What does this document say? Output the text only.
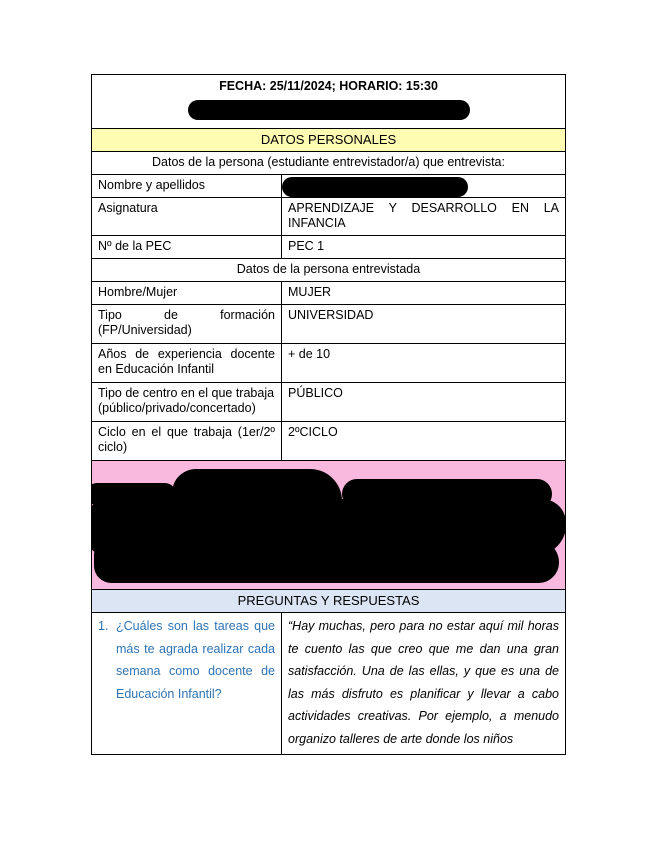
FECHA: 25/11/2024; HORARIO: 15:30	

DATOS PERSONALES	
Datos de la persona (estudiante entrevistador/a) que entrevista:	
Nombre y apellidos	

Asignatura	APRENDIZAJE Y DESARROLLO EN LA INFANCIA
Nº de la PEC	PEC 1
Datos de la persona entrevistada	
Hombre/Mujer	MUJER
Tipo de formación (FP/Universidad)	UNIVERSIDAD
Años de experiencia docente en Educación Infantil	+ de 10
Tipo de centro en el que trabaja (público/privado/concertado)	PÚBLICO
Ciclo en el que trabaja (1er/2º ciclo)	2ºCICLO

PREGUNTAS Y RESPUESTAS	

1. ¿Cuáles son las tareas que más te agrada realizar cada semana como docente de Educación Infantil?	“Hay muchas, pero para no estar aquí mil horas te cuento las que creo que me dan una gran satisfacción. Una de las ellas, y que es una de las más disfruto es planificar y llevar a cabo actividades creativas. Por ejemplo, a menudo organizo talleres de arte donde los niños
